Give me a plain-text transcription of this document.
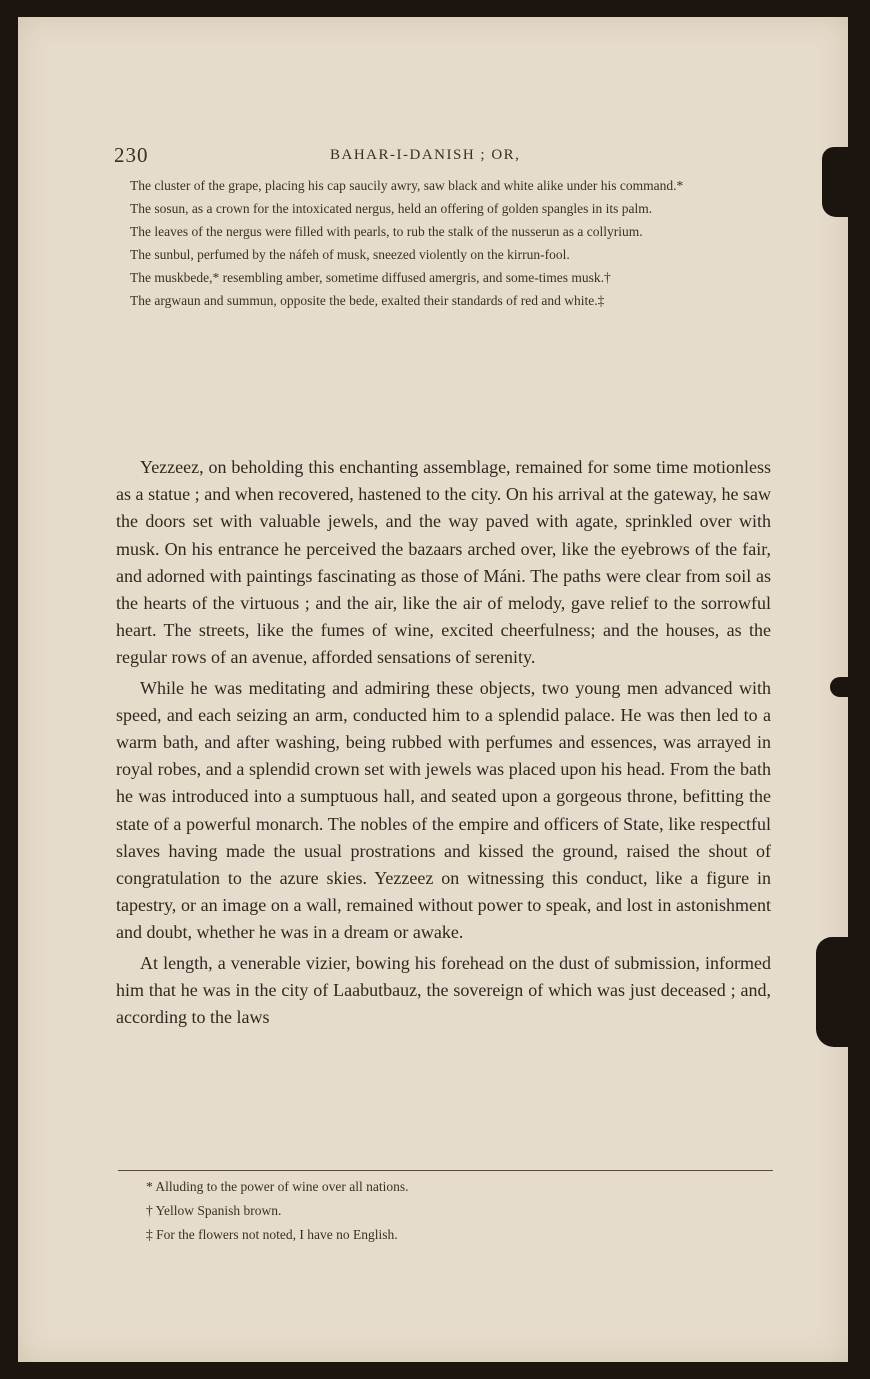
230	BAHAR-I-DANISH ; OR,

The cluster of the grape, placing his cap saucily awry, saw black and white alike under his command.*

The sosun, as a crown for the intoxicated nergus, held an offering of golden spangles in its palm.

The leaves of the nergus were filled with pearls, to rub the stalk of the nusserun as a collyrium.

The sunbul, perfumed by the náfeh of musk, sneezed violently on the kirrun-fool.

The muskbede,* resembling amber, sometime diffused amergris, and some-times musk.†

The argwaun and summun, opposite the bede, exalted their standards of red and white.‡

Yezzeez, on beholding this enchanting assemblage, remained for some time motionless as a statue ; and when recovered, hastened to the city. On his arrival at the gateway, he saw the doors set with valuable jewels, and the way paved with agate, sprinkled over with musk. On his entrance he perceived the bazaars arched over, like the eyebrows of the fair, and adorned with paintings fascinating as those of Máni. The paths were clear from soil as the hearts of the virtuous ; and the air, like the air of melody, gave relief to the sorrowful heart. The streets, like the fumes of wine, excited cheerfulness; and the houses, as the regular rows of an avenue, afforded sensations of serenity.

While he was meditating and admiring these objects, two young men advanced with speed, and each seizing an arm, conducted him to a splendid palace. He was then led to a warm bath, and after washing, being rubbed with perfumes and essences, was arrayed in royal robes, and a splendid crown set with jewels was placed upon his head. From the bath he was introduced into a sumptuous hall, and seated upon a gorgeous throne, befitting the state of a powerful monarch. The nobles of the empire and officers of State, like respectful slaves having made the usual prostrations and kissed the ground, raised the shout of congratulation to the azure skies. Yezzeez on witnessing this conduct, like a figure in tapestry, or an image on a wall, remained without power to speak, and lost in astonishment and doubt, whether he was in a dream or awake.

At length, a venerable vizier, bowing his forehead on the dust of submission, informed him that he was in the city of Laabutbauz, the sovereign of which was just deceased ; and, according to the laws

* Alluding to the power of wine over all nations.

† Yellow Spanish brown.

‡ For the flowers not noted, I have no English.
